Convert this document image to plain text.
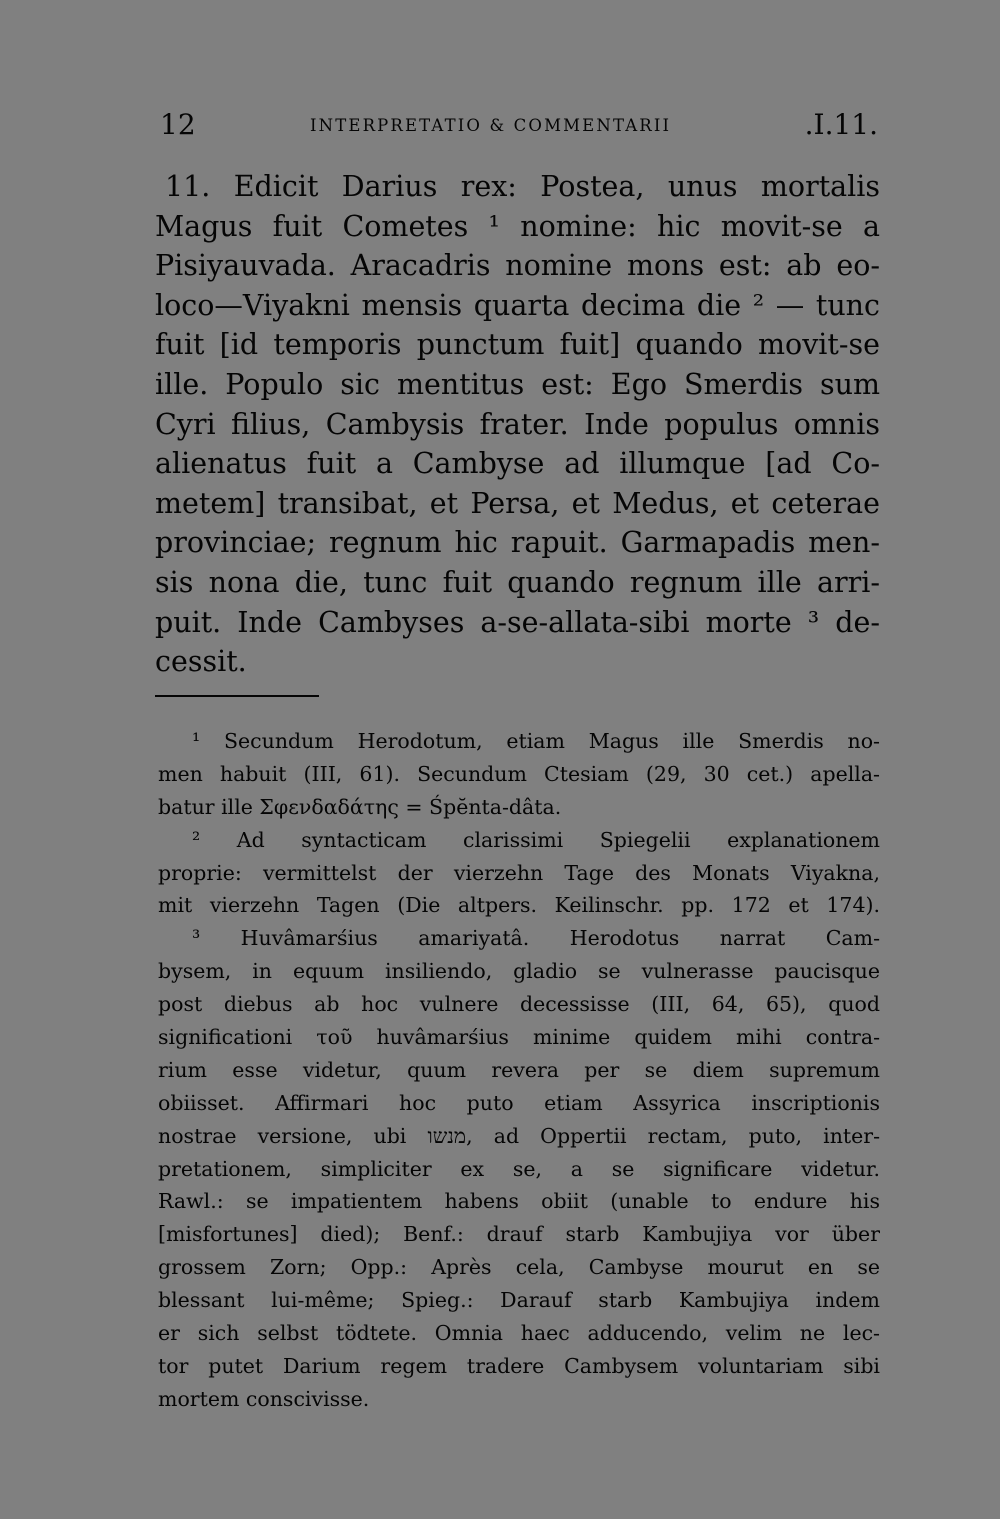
12	INTERPRETATIO & COMMENTARII	.I.11.
11. Edicit Darius rex: Postea, unus mortalis
Magus fuit Cometes ¹ nomine: hic movit-se a
Pisiyauvada. Aracadris nomine mons est: ab eo-
loco—Viyakni mensis quarta decima die ² — tunc
fuit [id temporis punctum fuit] quando movit-se
ille. Populo sic mentitus est: Ego Smerdis sum
Cyri filius, Cambysis frater. Inde populus omnis
alienatus fuit a Cambyse ad illumque [ad Co-
metem] transibat, et Persa, et Medus, et ceterae
provinciae; regnum hic rapuit. Garmapadis men-
sis nona die, tunc fuit quando regnum ille arri-
puit. Inde Cambyses a-se-allata-sibi morte ³ de-
cessit.
¹ Secundum Herodotum, etiam Magus ille Smerdis no-
men habuit (III, 61). Secundum Ctesiam (29, 30 cet.) apella-
batur ille Σφενδαδάτης = Śpĕnta-dâta.
² Ad syntacticam clarissimi Spiegelii explanationem
proprie: vermittelst der vierzehn Tage des Monats Viyakna,
mit vierzehn Tagen (Die altpers. Keilinschr. pp. 172 et 174).
³ Huvâmarśius amariyatâ. Herodotus narrat Cam-
bysem, in equum insiliendo, gladio se vulnerasse paucisque
post diebus ab hoc vulnere decessisse (III, 64, 65), quod
significationi τοῦ huvâmarśius minime quidem mihi contra-
rium esse videtur, quum revera per se diem supremum
obiisset. Affirmari hoc puto etiam Assyrica inscriptionis
nostrae versione, ubi מנשו, ad Oppertii rectam, puto, inter-
pretationem, simpliciter ex se, a se significare videtur.
Rawl.: se impatientem habens obiit (unable to endure his
[misfortunes] died); Benf.: drauf starb Kambujiya vor über
grossem Zorn; Opp.: Après cela, Cambyse mourut en se
blessant lui-même; Spieg.: Darauf starb Kambujiya indem
er sich selbst tödtete. Omnia haec adducendo, velim ne lec-
tor putet Darium regem tradere Cambysem voluntariam sibi
mortem conscivisse.
